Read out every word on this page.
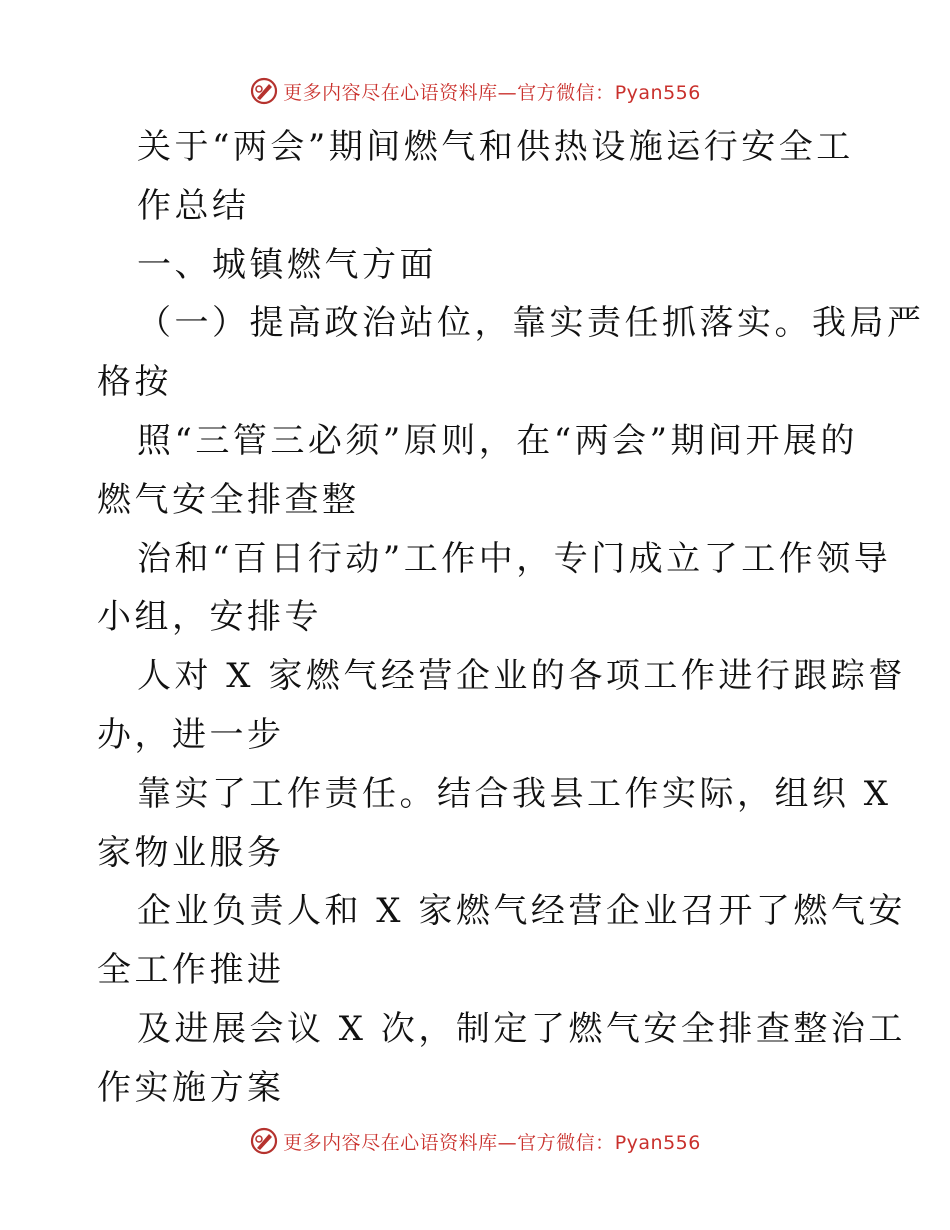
更多内容尽在心语资料库—官方微信：Pyan556
关于“两会”期间燃气和供热设施运行安全工
作总结
一、城镇燃气方面
（一）提高政治站位，靠实责任抓落实。我局严
格按
照“三管三必须”原则，在“两会”期间开展的
燃气安全排查整
治和“百日行动”工作中，专门成立了工作领导
小组，安排专
人对 X 家燃气经营企业的各项工作进行跟踪督
办，进一步
靠实了工作责任。结合我县工作实际，组织 X
家物业服务
企业负责人和 X 家燃气经营企业召开了燃气安
全工作推进
及进展会议 X 次，制定了燃气安全排查整治工
作实施方案
更多内容尽在心语资料库—官方微信：Pyan556
